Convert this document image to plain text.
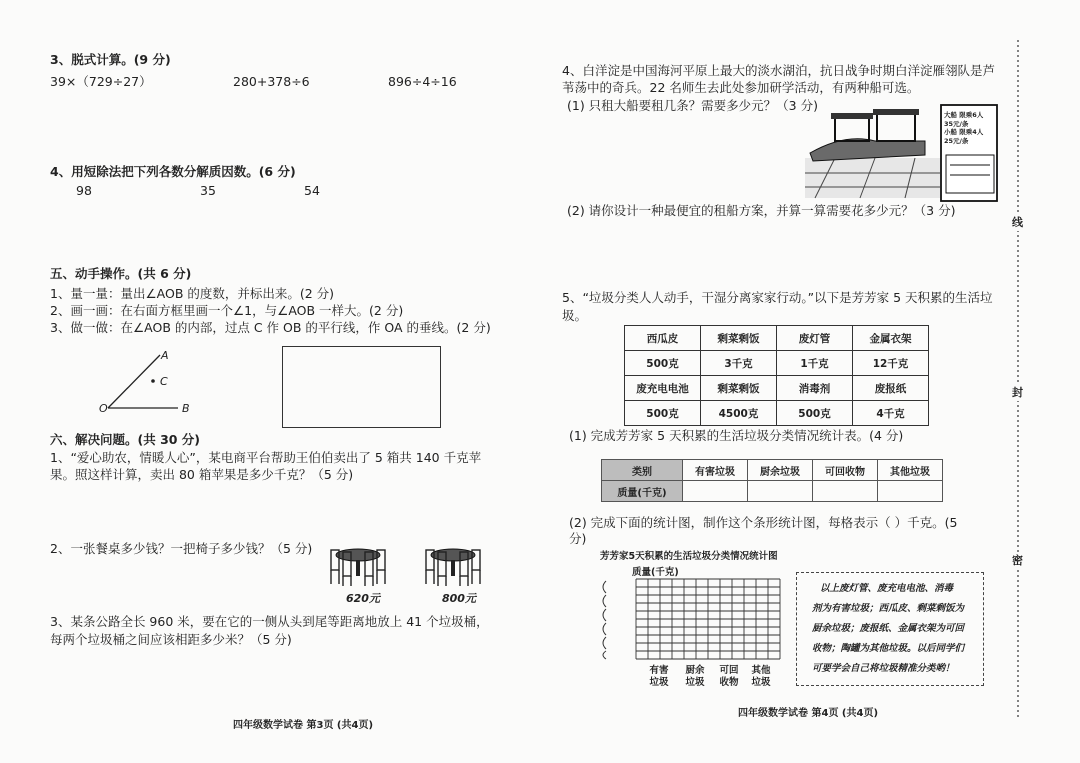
3、脱式计算。(9 分)
39×（729÷27）	280+378÷6	896÷4÷16
4、用短除法把下列各数分解质因数。(6 分)
98	35	54
五、动手操作。(共 6 分)
1、量一量：量出∠AOB 的度数，并标出来。(2 分)
2、画一画：在右面方框里画一个∠1，与∠AOB 一样大。(2 分)
3、做一做：在∠AOB 的内部，过点 C 作 OB 的平行线，作 OA 的垂线。(2 分)
A
C
O	B
六、解决问题。(共 30 分)
1、“爱心助农，情暖人心”，某电商平台帮助王伯伯卖出了 5 箱共 140 千克苹
果。照这样计算，卖出 80 箱苹果是多少千克？（5 分)
2、一张餐桌多少钱？一把椅子多少钱？（5 分)
620元	800元
3、某条公路全长 960 米，要在它的一侧从头到尾等距离地放上 41 个垃圾桶，
每两个垃圾桶之间应该相距多少米？（5 分)
四年级数学试卷 第3页 (共4页)
4、白洋淀是中国海河平原上最大的淡水湖泊，抗日战争时期白洋淀雁翎队是芦
苇荡中的奇兵。22 名师生去此处参加研学活动，有两种船可选。
(1) 只租大船要租几条？需要多少元？（3 分)
大船 限乘6人
35元/条
小船 限乘4人
25元/条
(2) 请你设计一种最便宜的租船方案，并算一算需要花多少元？（3 分)
5、“垃圾分类人人动手，干湿分离家家行动。”以下是芳芳家 5 天积累的生活垃
圾。
西瓜皮	剩菜剩饭	废灯管	金属衣架
500克	3千克	1千克	12千克
废充电电池	剩菜剩饭	消毒剂	废报纸
500克	4500克	500克	4千克
(1) 完成芳芳家 5 天积累的生活垃圾分类情况统计表。(4 分)
类别	有害垃圾	厨余垃圾	可回收物	其他垃圾
质量(千克)				
(2) 完成下面的统计图，制作这个条形统计图，每格表示（ ）千克。(5
分)
芳芳家5天积累的生活垃圾分类情况统计图
质量(千克)
有害垃圾
厨余垃圾
可回收物
其他垃圾
以上废灯管、废充电电池、消毒
剂为有害垃圾；西瓜皮、剩菜剩饭为
厨余垃圾；废报纸、金属衣架为可回
收物；陶罐为其他垃圾。以后同学们
可要学会自己将垃圾精准分类哟！
四年级数学试卷 第4页 (共4页)
线
封
密
